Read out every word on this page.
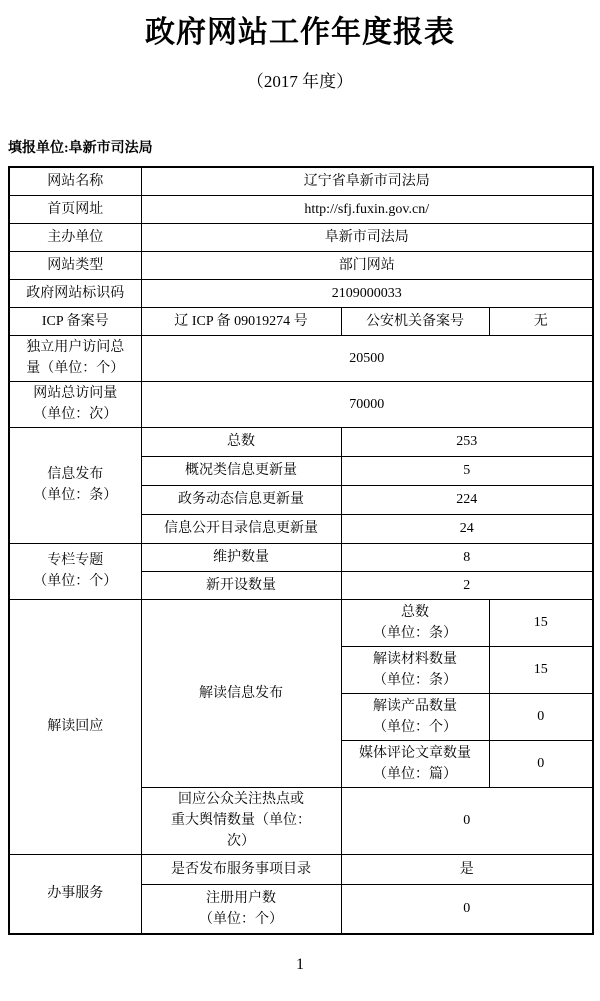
政府网站工作年度报表
（2017 年度）
填报单位:阜新市司法局
网站名称	辽宁省阜新市司法局		
首页网址	http://sfj.fuxin.gov.cn/		
主办单位	阜新市司法局		
网站类型	部门网站		
政府网站标识码	2109000033		
ICP 备案号	辽 ICP 备 09019274 号	公安机关备案号	无
独立用户访问总
量（单位：个）	20500		
网站总访问量
（单位：次）	70000		
信息发布
（单位：条）	总数	253	
	概况类信息更新量	5	
	政务动态信息更新量	224	
	信息公开目录信息更新量	24	
专栏专题
（单位：个）	维护数量	8	
	新开设数量	2	
解读回应	解读信息发布	总数
（单位：条）	15
		解读材料数量
（单位：条）	15
		解读产品数量
（单位：个）	0
		媒体评论文章数量
（单位：篇）	0
	回应公众关注热点或
重大舆情数量（单位：
次）	0	
办事服务	是否发布服务事项目录	是	
	注册用户数
（单位：个）	0	
1
